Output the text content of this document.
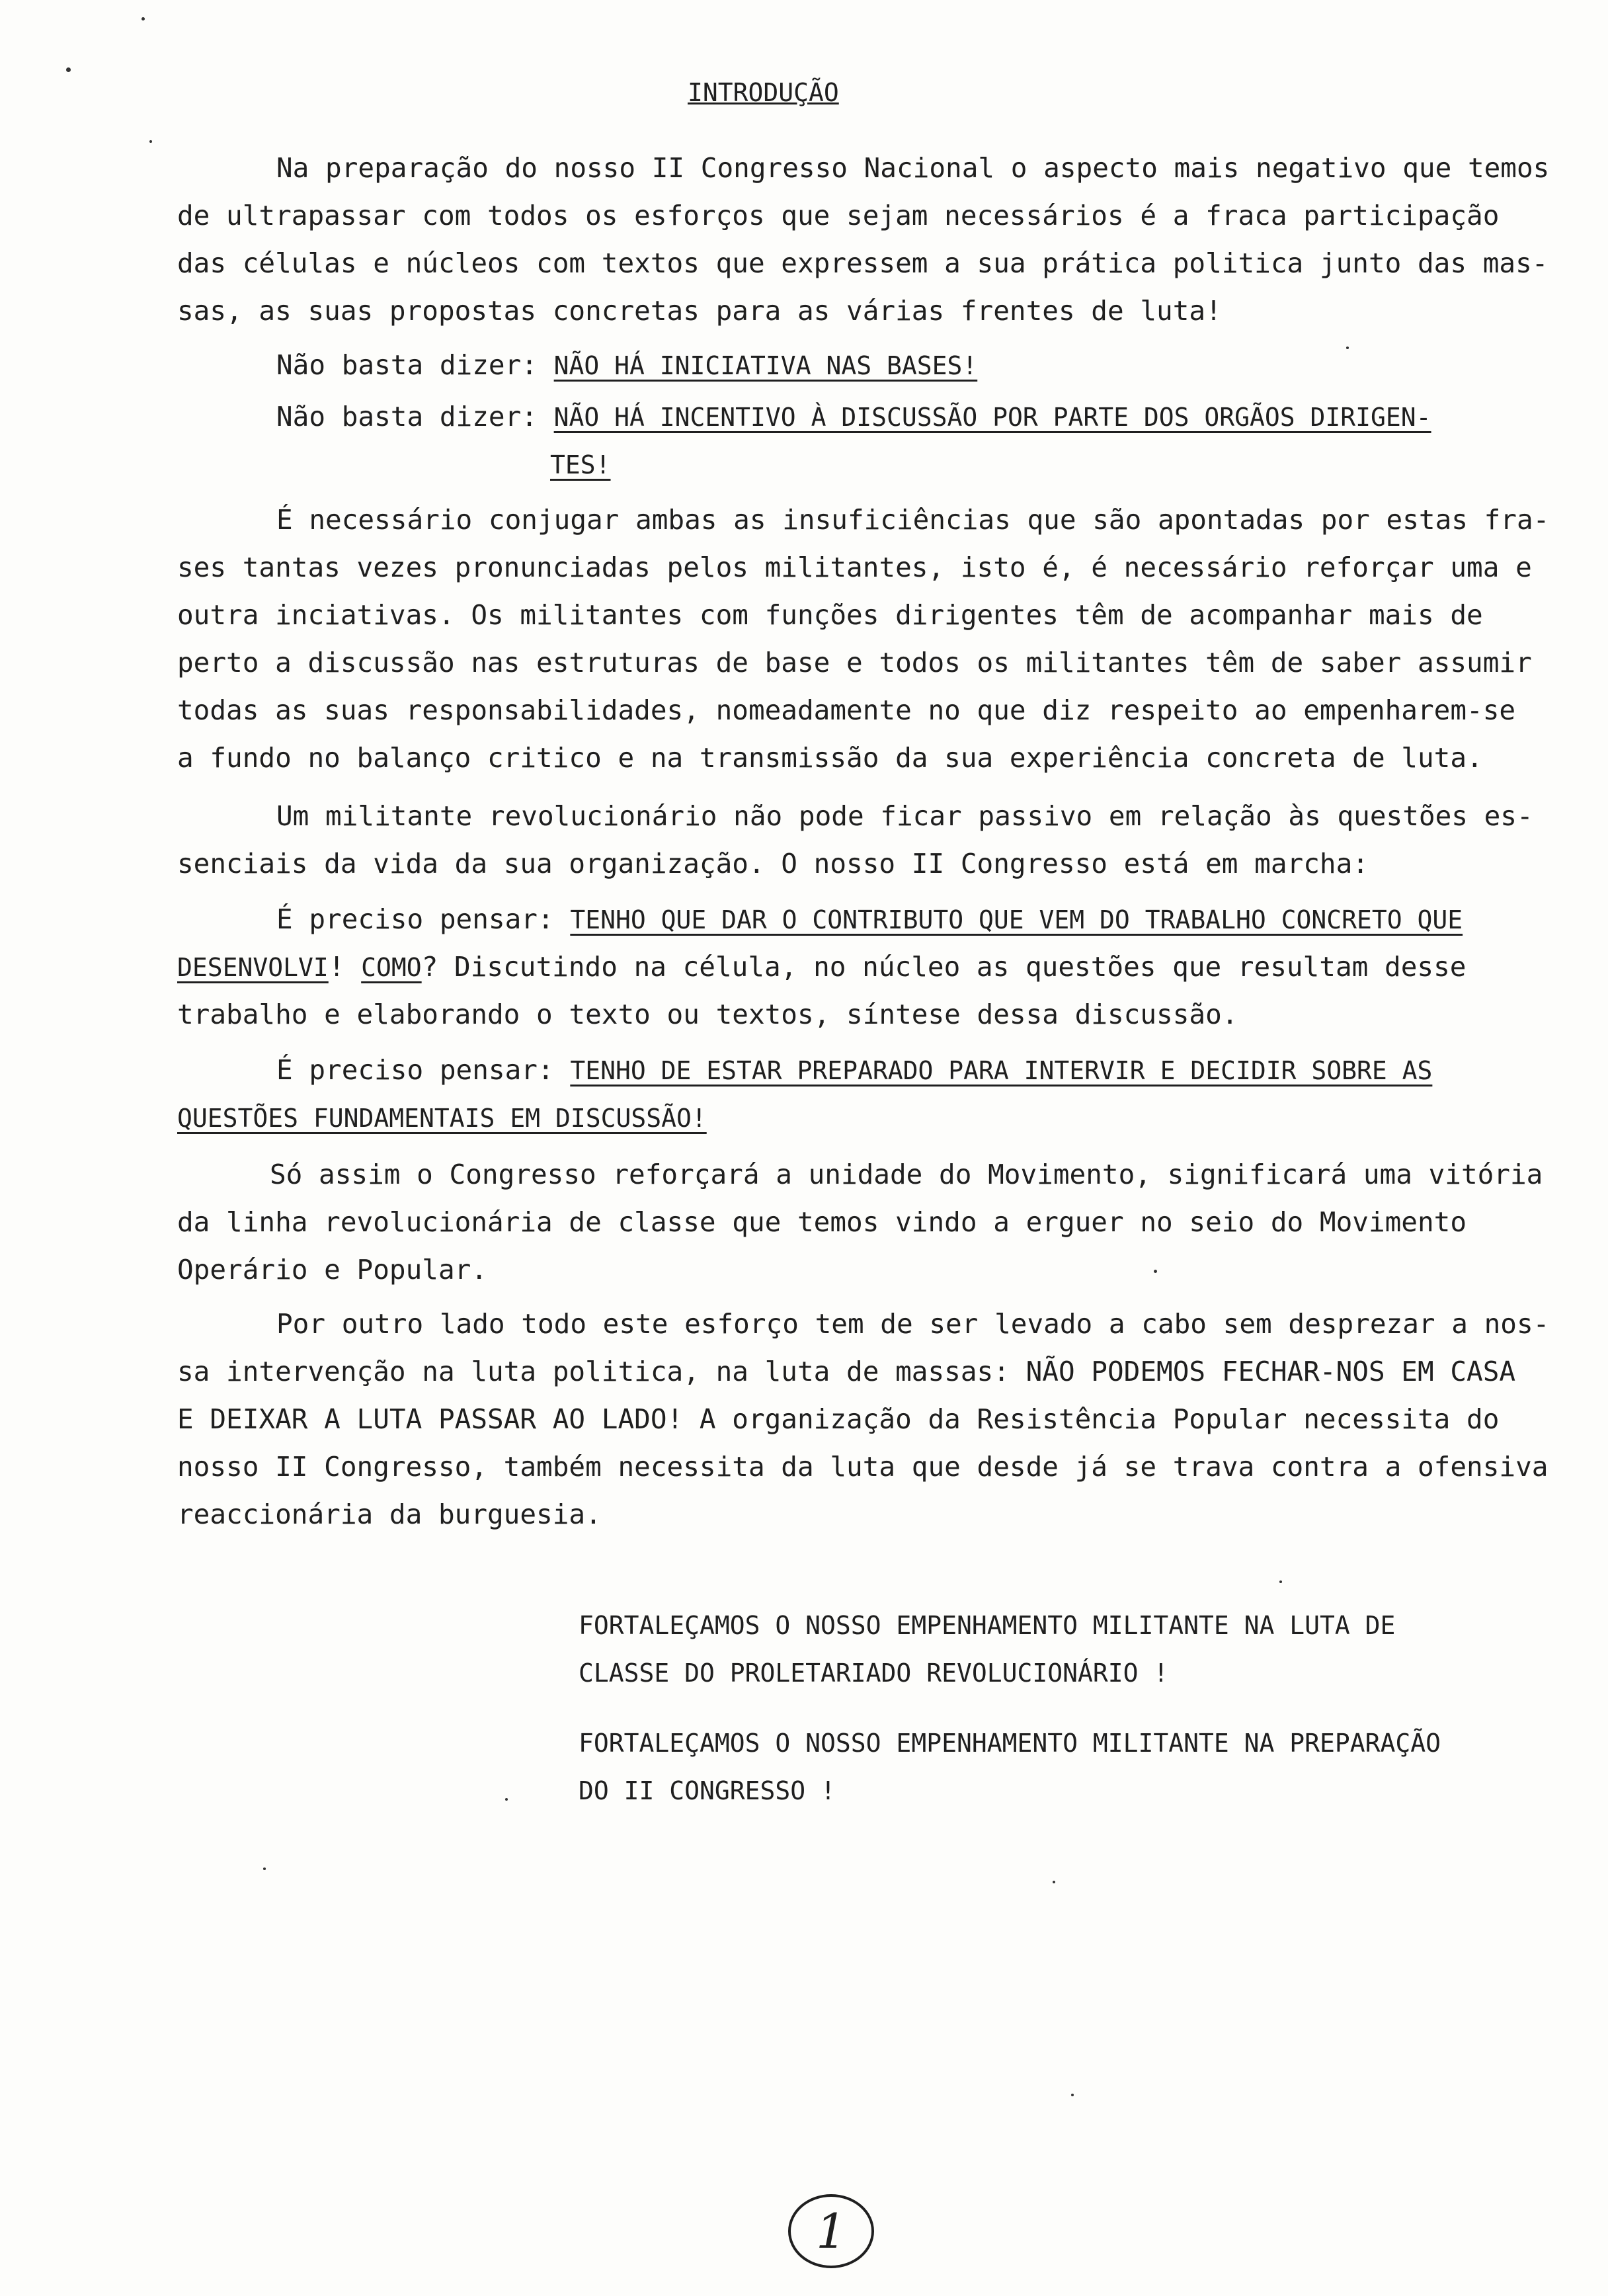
INTRODUÇÃO
Na preparação do nosso II Congresso Nacional o aspecto mais negativo que temos
de ultrapassar com todos os esforços que sejam necessários é a fraca participação
das células e núcleos com textos que expressem a sua prática politica junto das mas-
sas, as suas propostas concretas para as várias frentes de luta!
Não basta dizer: NÃO HÁ INICIATIVA NAS BASES!
Não basta dizer: NÃO HÁ INCENTIVO À DISCUSSÃO POR PARTE DOS ORGÃOS DIRIGEN-
TES!
É necessário conjugar ambas as insuficiências que são apontadas por estas fra-
ses tantas vezes pronunciadas pelos militantes, isto é, é necessário reforçar uma e
outra inciativas. Os militantes com funções dirigentes têm de acompanhar mais de
perto a discussão nas estruturas de base e todos os militantes têm de saber assumir
todas as suas responsabilidades, nomeadamente no que diz respeito ao empenharem-se
a fundo no balanço critico e na transmissão da sua experiência concreta de luta.
Um militante revolucionário não pode ficar passivo em relação às questões es-
senciais da vida da sua organização. O nosso II Congresso está em marcha:
É preciso pensar: TENHO QUE DAR O CONTRIBUTO QUE VEM DO TRABALHO CONCRETO QUE
DESENVOLVI! COMO? Discutindo na célula, no núcleo as questões que resultam desse
trabalho e elaborando o texto ou textos, síntese dessa discussão.
É preciso pensar: TENHO DE ESTAR PREPARADO PARA INTERVIR E DECIDIR SOBRE AS
QUESTÕES FUNDAMENTAIS EM DISCUSSÃO!
Só assim o Congresso reforçará a unidade do Movimento, significará uma vitória
da linha revolucionária de classe que temos vindo a erguer no seio do Movimento
Operário e Popular.
Por outro lado todo este esforço tem de ser levado a cabo sem desprezar a nos-
sa intervenção na luta politica, na luta de massas: NÃO PODEMOS FECHAR-NOS EM CASA
E DEIXAR A LUTA PASSAR AO LADO! A organização da Resistência Popular necessita do
nosso II Congresso, também necessita da luta que desde já se trava contra a ofensiva
reaccionária da burguesia.
FORTALEÇAMOS O NOSSO EMPENHAMENTO MILITANTE NA LUTA DE
CLASSE DO PROLETARIADO REVOLUCIONÁRIO !
FORTALEÇAMOS O NOSSO EMPENHAMENTO MILITANTE NA PREPARAÇÃO
DO II CONGRESSO !
1
